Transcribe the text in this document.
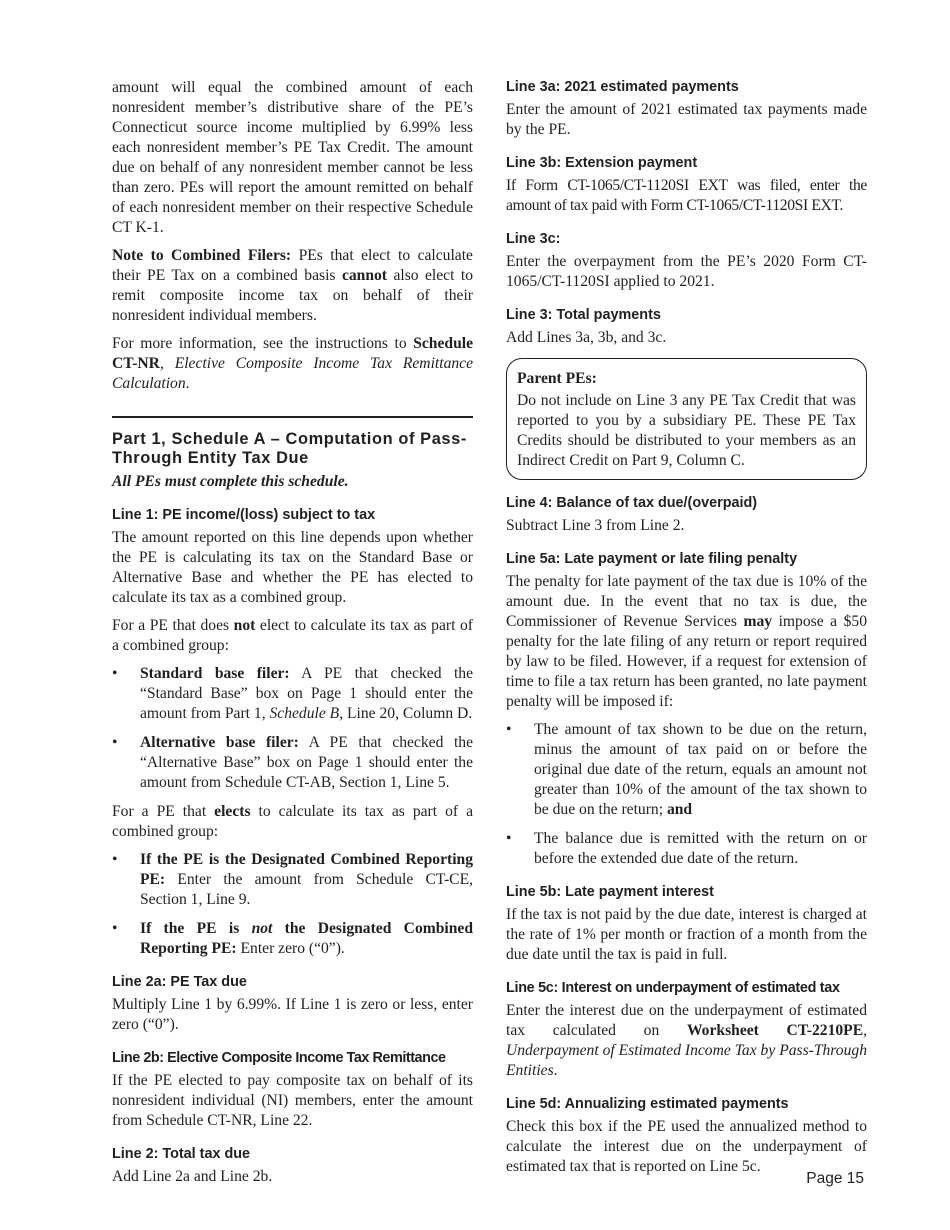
amount will equal the combined amount of each nonresident member’s distributive share of the PE’s Connecticut source income multiplied by 6.99% less each nonresident member’s PE Tax Credit. The amount due on behalf of any nonresident member cannot be less than zero. PEs will report the amount remitted on behalf of each nonresident member on their respective Schedule CT K-1.

Note to Combined Filers: PEs that elect to calculate their PE Tax on a combined basis cannot also elect to remit composite income tax on behalf of their nonresident individual members.

For more information, see the instructions to Schedule CT-NR, Elective Composite Income Tax Remittance Calculation.

Part 1, Schedule A – Computation of Pass-Through Entity Tax Due

All PEs must complete this schedule.

Line 1: PE income/(loss) subject to tax

The amount reported on this line depends upon whether the PE is calculating its tax on the Standard Base or Alternative Base and whether the PE has elected to calculate its tax as a combined group.

For a PE that does not elect to calculate its tax as part of a combined group:

• Standard base filer: A PE that checked the “Standard Base” box on Page 1 should enter the amount from Part 1, Schedule B, Line 20, Column D.
• Alternative base filer: A PE that checked the “Alternative Base” box on Page 1 should enter the amount from Schedule CT-AB, Section 1, Line 5.

For a PE that elects to calculate its tax as part of a combined group:

• If the PE is the Designated Combined Reporting PE: Enter the amount from Schedule CT-CE, Section 1, Line 9.
• If the PE is not the Designated Combined Reporting PE: Enter zero (“0”).
Line 2a: PE Tax due

Multiply Line 1 by 6.99%. If Line 1 is zero or less, enter zero (“0”).

Line 2b: Elective Composite Income Tax Remittance

If the PE elected to pay composite tax on behalf of its nonresident individual (NI) members, enter the amount from Schedule CT-NR, Line 22.

Line 2: Total tax due

Add Line 2a and Line 2b.

Line 3a: 2021 estimated payments

Enter the amount of 2021 estimated tax payments made by the PE.

Line 3b: Extension payment

If Form CT-1065/CT-1120SI EXT was filed, enter the amount of tax paid with Form CT-1065/CT-1120SI EXT.

Line 3c:

Enter the overpayment from the PE’s 2020 Form CT-1065/CT-1120SI applied to 2021.

Line 3: Total payments

Add Lines 3a, 3b, and 3c.

Parent PEs:

Do not include on Line 3 any PE Tax Credit that was reported to you by a subsidiary PE. These PE Tax Credits should be distributed to your members as an Indirect Credit on Part 9, Column C.

Line 4: Balance of tax due/(overpaid)

Subtract Line 3 from Line 2.

Line 5a: Late payment or late filing penalty

The penalty for late payment of the tax due is 10% of the amount due. In the event that no tax is due, the Commissioner of Revenue Services may impose a $50 penalty for the late filing of any return or report required by law to be filed. However, if a request for extension of time to file a tax return has been granted, no late payment penalty will be imposed if:

• The amount of tax shown to be due on the return, minus the amount of tax paid on or before the original due date of the return, equals an amount not greater than 10% of the amount of the tax shown to be due on the return; and
• The balance due is remitted with the return on or before the extended due date of the return.
Line 5b: Late payment interest

If the tax is not paid by the due date, interest is charged at the rate of 1% per month or fraction of a month from the due date until the tax is paid in full.

Line 5c: Interest on underpayment of estimated tax

Enter the interest due on the underpayment of estimated tax calculated on Worksheet CT-2210PE, Underpayment of Estimated Income Tax by Pass-Through Entities.

Line 5d: Annualizing estimated payments

Check this box if the PE used the annualized method to calculate the interest due on the underpayment of estimated tax that is reported on Line 5c.

Page 15
